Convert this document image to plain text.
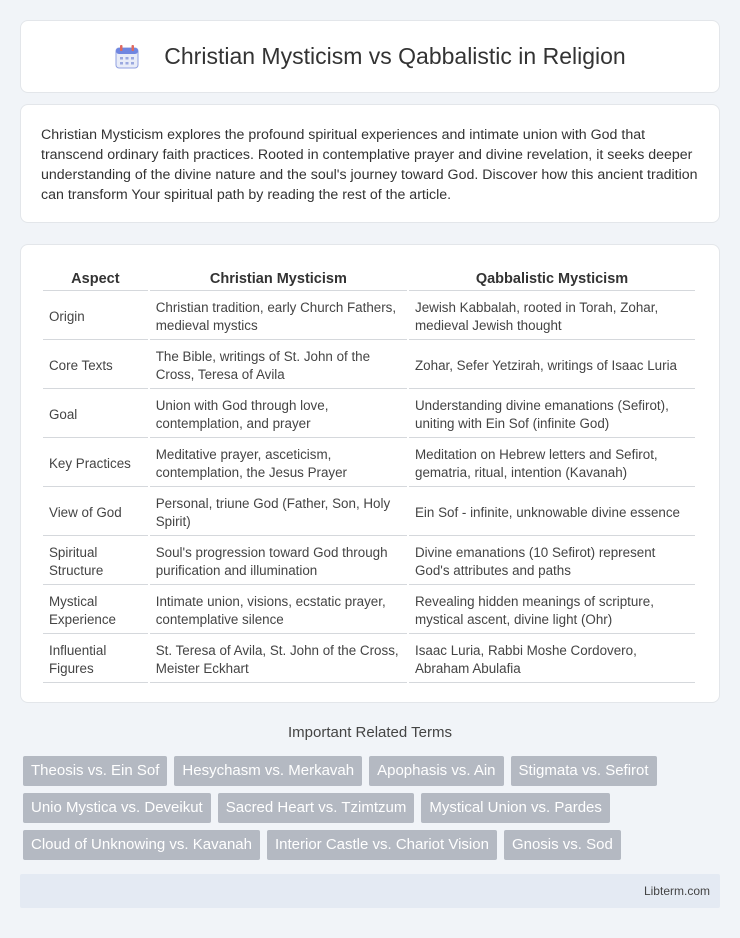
Christian Mysticism vs Qabbalistic in Religion

Christian Mysticism explores the profound spiritual experiences and intimate union with God that transcend ordinary faith practices. Rooted in contemplative prayer and divine revelation, it seeks deeper understanding of the divine nature and the soul's journey toward God. Discover how this ancient tradition can transform Your spiritual path by reading the rest of the article.

Aspect	Christian Mysticism	Qabbalistic Mysticism
Origin	Christian tradition, early Church Fathers, medieval mystics	Jewish Kabbalah, rooted in Torah, Zohar, medieval Jewish thought
Core Texts	The Bible, writings of St. John of the Cross, Teresa of Avila	Zohar, Sefer Yetzirah, writings of Isaac Luria
Goal	Union with God through love, contemplation, and prayer	Understanding divine emanations (Sefirot), uniting with Ein Sof (infinite God)
Key Practices	Meditative prayer, asceticism, contemplation, the Jesus Prayer	Meditation on Hebrew letters and Sefirot, gematria, ritual, intention (Kavanah)
View of God	Personal, triune God (Father, Son, Holy Spirit)	Ein Sof - infinite, unknowable divine essence
Spiritual Structure	Soul's progression toward God through purification and illumination	Divine emanations (10 Sefirot) represent God's attributes and paths
Mystical Experience	Intimate union, visions, ecstatic prayer, contemplative silence	Revealing hidden meanings of scripture, mystical ascent, divine light (Ohr)
Influential Figures	St. Teresa of Avila, St. John of the Cross, Meister Eckhart	Isaac Luria, Rabbi Moshe Cordovero, Abraham Abulafia
Important Related Terms
Theosis vs. Ein Sof	Hesychasm vs. Merkavah	Apophasis vs. Ain	Stigmata vs. Sefirot
Unio Mystica vs. Deveikut	Sacred Heart vs. Tzimtzum	Mystical Union vs. Pardes
Cloud of Unknowing vs. Kavanah	Interior Castle vs. Chariot Vision	Gnosis vs. Sod
Libterm.com
